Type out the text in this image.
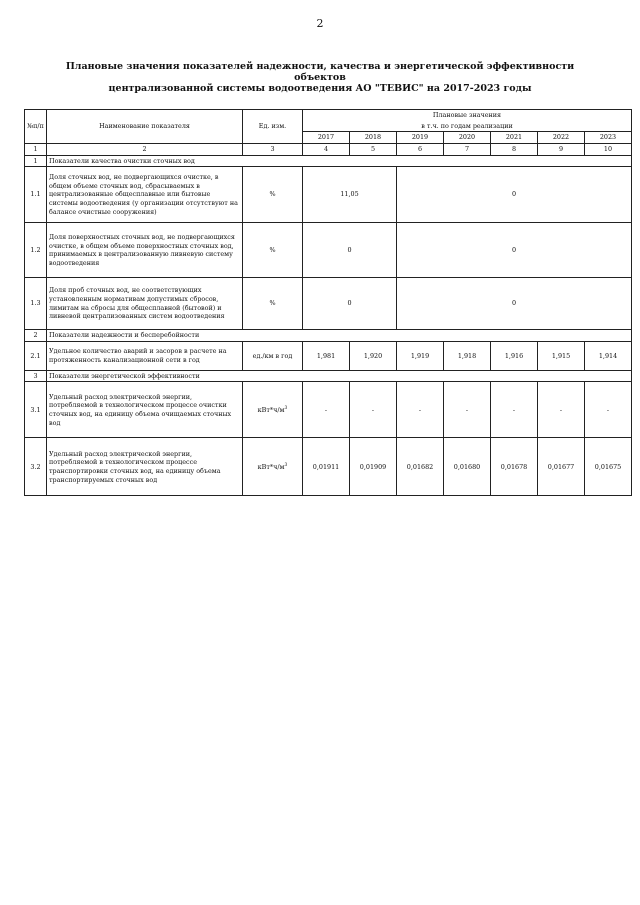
2
Плановые значения показателей надежности, качества и энергетической эффективности объектов
централизованной системы водоотведения АО "ТЕВИС" на 2017-2023 годы
№п/п	Наименование показателя	Ед. изм.	Плановые значения						
			в т.ч. по годам реализации						
			2017	2018	2019	2020	2021	2022	2023
1	2	3	4	5	6	7	8	9	10
1	Показатели качества очистки сточных вод								
1.1	Доля сточных вод, не подвергающихся очистке, в общем объеме сточных вод, сбрасываемых в централизованные общесплавные или бытовые системы водоотведения (у организации отсутствуют на балансе очистные сооружения)	%	11,05		0				
1.2	Доля поверхностных сточных вод, не подвергающихся очистке, в общем объеме поверхностных сточных вод, принимаемых в централизованную ливневую систему водоотведения	%	0		0				
1.3	Доля проб сточных вод, не соответствующих установленным нормативам допустимых сбросов, лимитам на сбросы для общесплавной (бытовой) и ливневой централизованных систем водоотведения	%	0		0				
2	Показатели надежности и бесперебойности								
2.1	Удельное количество аварий и засоров в расчете на протяженность канализационной сети в год	ед./км в год	1,981	1,920	1,919	1,918	1,916	1,915	1,914
3	Показатели энергетической эффективности								
3.1	Удельный расход электрической энергии, потребляемой в технологическом процессе очистки сточных вод, на единицу объема очищаемых сточных вод	$кВт*ч/м^3$	-	-	-	-	-	-	-
3.2	Удельный расход электрической энергии, потребляемой в технологическом процессе транспортировки сточных вод, на единицу объема транспортируемых сточных вод	$кВт*ч/м^3$	0,01911	0,01909	0,01682	0,01680	0,01678	0,01677	0,01675
